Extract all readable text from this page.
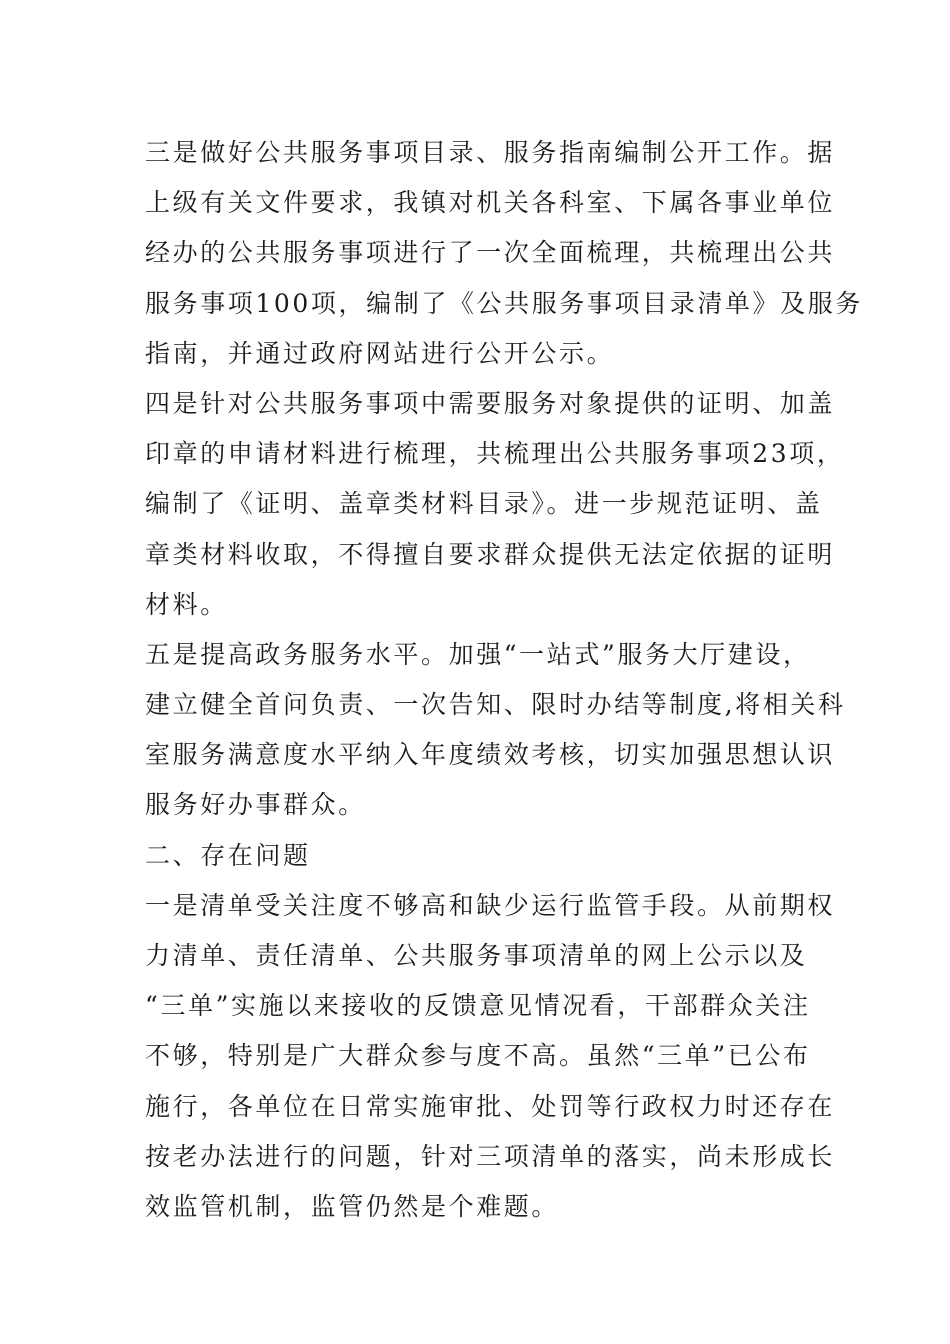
三是做好公共服务事项目录、服务指南编制公开工作。据
上级有关文件要求，我镇对机关各科室、下属各事业单位
经办的公共服务事项进行了一次全面梳理，共梳理出公共
服务事项100项，编制了《公共服务事项目录清单》及服务
指南，并通过政府网站进行公开公示。
四是针对公共服务事项中需要服务对象提供的证明、加盖
印章的申请材料进行梳理，共梳理出公共服务事项23项，
编制了《证明、盖章类材料目录》。进一步规范证明、盖
章类材料收取，不得擅自要求群众提供无法定依据的证明
材料。
五是提高政务服务水平。加强“一站式”服务大厅建设，
建立健全首问负责、一次告知、限时办结等制度,将相关科
室服务满意度水平纳入年度绩效考核，切实加强思想认识
服务好办事群众。
二、存在问题
一是清单受关注度不够高和缺少运行监管手段。从前期权
力清单、责任清单、公共服务事项清单的网上公示以及
“三单”实施以来接收的反馈意见情况看，干部群众关注
不够，特别是广大群众参与度不高。虽然“三单”已公布
施行，各单位在日常实施审批、处罚等行政权力时还存在
按老办法进行的问题，针对三项清单的落实，尚未形成长
效监管机制，监管仍然是个难题。
